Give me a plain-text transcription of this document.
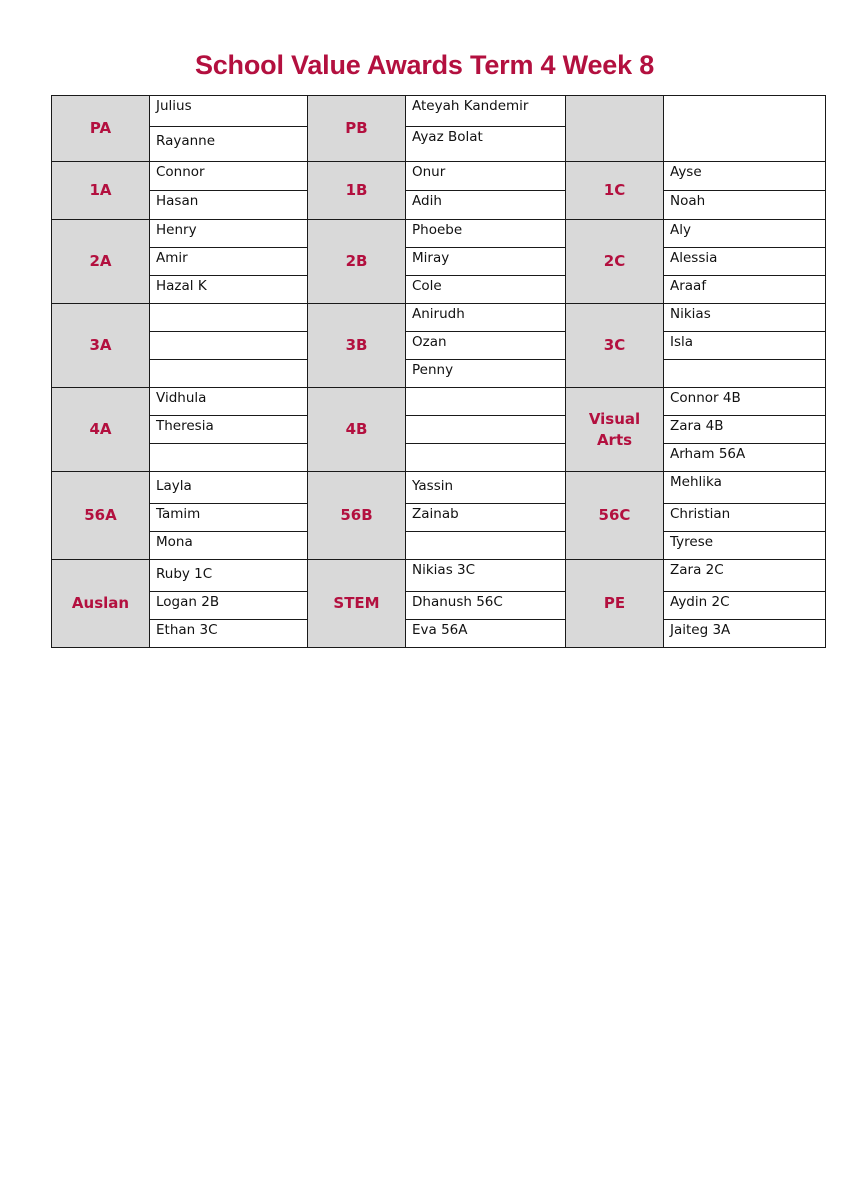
School Value Awards Term 4 Week 8
PA	Julius	PB	Ateyah Kandemir		
	Rayanne		Ayaz Bolat		
1A	Connor	1B	Onur	1C	Ayse
	Hasan		Adih		Noah
2A	Henry	2B	Phoebe	2C	Aly
	Amir		Miray		Alessia
	Hazal K		Cole		Araaf
3A		3B	Anirudh	3C	Nikias
			Ozan		Isla
			Penny		
4A	Vidhula	4B		Visual Arts	Connor 4B
	Theresia				Zara 4B
					Arham 56A
56A	Layla	56B	Yassin	56C	Mehlika
	Tamim		Zainab		Christian
	Mona				Tyrese
Auslan	Ruby 1C	STEM	Nikias 3C	PE	Zara 2C
	Logan 2B		Dhanush 56C		Aydin 2C
	Ethan 3C		Eva 56A		Jaiteg 3A
